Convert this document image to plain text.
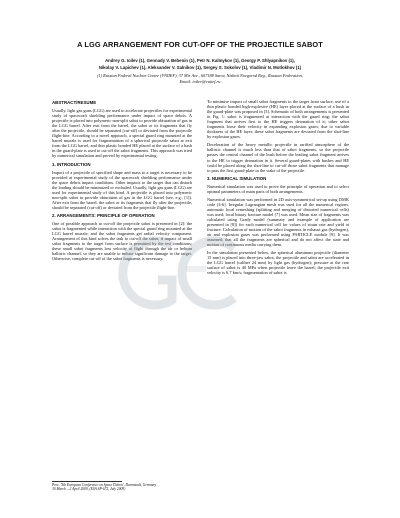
A LGG ARRANGEMENT FOR CUT-OFF OF THE PROJECTILE SABOT
Andrey G. Ioilev (1), Gennady V. Bebenin (1), Petr N. Kalmykov (1), Georgy P. Shlyapnikov (1),
Nikolay V. Lapichev (1), Aleksander V. Salnikov (1), Sergey S. Sokolov (1), Vladimir N. Motlokhov (1)
(1) Russian Federal Nuclear Centre (VNIIEF), 37 Mir Ave., 607188 Sarov, Nizhnii Novgorod Reg., Russian Federation,
Email: ioilev@vniief.ru
ABSTRACT/RESUME

Usually, light gas guns (LGG) are used to accelerate projectiles for experimental study of spacecraft shielding performance under impact of space debris. A projectile is placed into polymeric non-split sabot to provide obturation of gas in the LGG barrel. After exit from the barrel, the sabot or its fragments that fly after the projectile, should be separated (cut-off) or deviated from the projectile flight-line. According to a novel approach, a special guard ring mounted at the barrel muzzle is used for fragmentation of a spherical projectile sabot at exit from the LGG barrel, and thin plastic bonded HE placed at the surface of a bash in the guard-plate is used to cut-off the sabot fragments. This approach was tried by numerical simulation and proved by experimental testing.

1. INTRODUCTION

Impact of a projectile of specified shape and mass to a target is necessary to be provided at experimental study of the spacecraft shielding performance under the space debris impact conditions. Other impacts to the target that can disturb the loading should be minimized or excluded. Usually, light gas guns (LGG) are used for experimental study of this kind. A projectile is placed into polymeric non-split sabot to provide obturation of gas in the LGG barrel (see, e.g., [1]). After exit from the barrel, the sabot or its fragments that fly after the projectile, should be separated (cut-off) or deviated from the projectile flight-line.

2. ARRANGEMENTS: PRINCIPLE OF OPERATION

One of possible approach to cut-off the projectile sabot is presented in [2]: the sabot is fragmented while interaction with the special guard ring mounted at the LGG barrel muzzle, and the sabot fragments get radial velocity component. Arrangement of this kind solves the task to cut-off the sabot, if impact of small sabot fragments to the target from surface is permitted by the test conditions; these small sabot fragments loss velocity at flight through the air or helium ballistic channel, so they are unable to induce significant damage to the target. Otherwise, complete cut-off of the sabot fragments is necessary.

To minimise impact of small sabot fragments to the target front surface, use of a thin plastic bonded high-explosive (HE) layer placed at the surface of a bush in the guard-plate was proposed in [3]. Schematic of both arrangements is presented in Fig. 1: sabot is fragmented at interaction with the guard ring; the sabot fragment that arrives first to the HE triggers detonation of it; other sabot fragments loose their velocity in expanding explosion gases; due to variable thickness of the HE layer, these sabot fragments are deviated from the shot-line by explosion gases.

Deceleration of the heavy metallic projectile in rarified atmosphere of the ballistic channel is much less than that of sabot fragments, so the projectile passes the central channel of the bush before the leading sabot fragment arrives to the HE to trigger detonation in it. Several guard-plates with bushes and HE could be placed along the shot-line to cut-off those sabot fragments that manage to pass the first guard-plate in the wake of the projectile.

3. NUMERICAL SIMULATION

Numerical simulation was used to prove the principle of operation and to select optimal parameters of main parts of both arrangements.

Numerical simulation was performed in 2D axis-symmetrical set-up using DMK code [4-6]. Irregular Lagrangian mesh was used for all the numerical regions, automatic local remeshing (splitting and merging of distorted numerical cells) was used; local binary fracture model [7] was used. Mean size of fragments was calculated using Grady model (summary and example of application are presented in [8]) for each numerical cell for values of strain rate and yield at fracture. Calculation of motion of the sabot fragments in exhaust gas (hydrogen), air and explosion gases was performed using PARTICLE module [9]. It was assumed, that all the fragments are spherical and do not affect the state and motion of continuous media carrying them.

In the simulation presented below, the spherical aluminum projectile (diameter 15 mm) is placed into three-jaw sabot, the projectile and sabot are accelerated in the LGG barrel (caliber 24 mm) by light gas (hydrogen); pressure at the rear surface of sabot is 40 MPa when projectile leave the barrel; the projectile exit velocity is 6.7 km/s; fragmentation of sabot is

Proc. '5th European Conference on Space Debris', Darmstadt, Germany
30 March – 2 April 2009, (ESA SP-672, July 2009)
